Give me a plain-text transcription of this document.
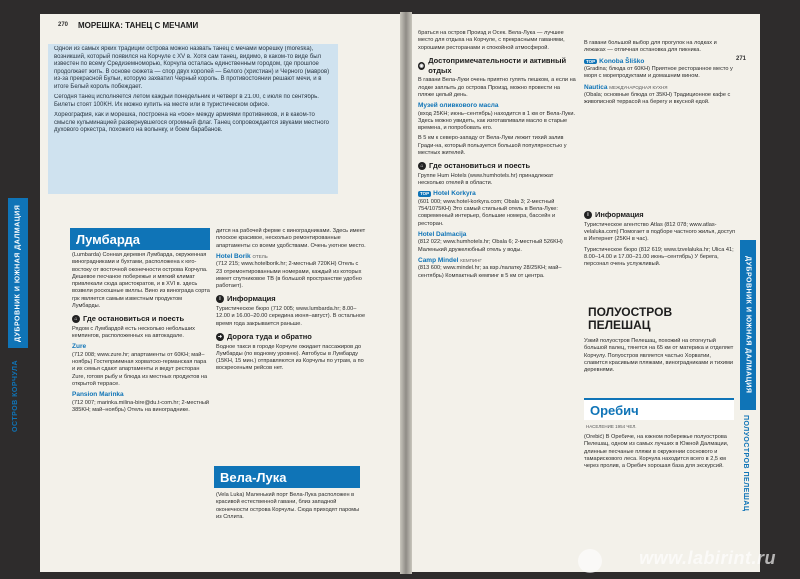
270 МОРЕШКА: ТАНЕЦ С МЕЧАМИ

Одной из самых ярких традиций острова можно назвать танец с мечами морешку (moreška), возникший, который появился на Корчуле с XV в. Хотя сам танец, видимо, в каком-то виде был известен по всему Средиземноморью, Корчула осталась единственным городом, где прошлое продолжает жить. В основе сюжета — спор двух королей — Белого (христиан) и Черного (мавров) из-за прекрасной Бульи, которую захватил Черный король. В противостоянии решают мечи, и в итоге Белый король побеждает.

Сегодня танец исполняется летом каждый понедельник и четверг в 21.00, с июля по сентябрь. Билеты стоят 100KH. Их можно купить на месте или в туристическом офисе.

Хореография, как и морешка, построена на «бое» между армиями противников, и в каком-то смысле кульминацией развернувшегося огромный флаг. Танец сопровождается звуками местного духового оркестра, похожего на волынку, и боем барабанов.

ДУБРОВНИК И ЮЖНАЯ ДАЛМАЦИЯ
ОСТРОВ КОРЧУЛА
Лумбарда

(Lumbarda) Сонная деревня Лумбарда, окруженная виноградниками и бухтами, расположена к юго-востоку от восточной оконечности острова Корчула. Дешевое песчаное побережье и мягкий климат привлекали сюда аристократов, и в XVI в. здесь возвели роскошные виллы. Вино из винограда сорта грк является самым известным продуктом Лумбарды.

⌂ Где остановиться и поесть

Рядом с Лумбардой есть несколько небольших кемпингов, расположенных на автокадале.

Zure

(712 008; www.zure.hr; апартаменты от 60KH; май–ноябрь) Гостеприимная хорватско-германская пара и их семья сдают апартаменты и ведут ресторан Zure, готовя рыбу и блюда из местных продуктов на открытой террасе.

Pansion Marinka

(712 007; marinka.milina-bire@du.t-com.hr; 2-местный 385KH; май–ноябрь) Отель на винограднике.

дится на рабочей ферме с виноградниками. Здесь имеет плоское красивое, несколько ремонтированные апартаменты со всеми удобствами. Очень уютное место.

Hotel Borik ОТЕЛЬ

(712 215; www.hotelborik.hr; 2-местный 720KH) Отель с 23 отремонтированными номерами, каждый из которых имеет спутниковое ТВ (в большой пространстве удобно работает).

i Информация

Туристическое бюро (712 005; www.lumbarda.hr; 8.00–12.00 и 16.00–20.00 середина июня–август). В остальное время года закрывается раньше.

➜ Дорога туда и обратно

Водное такси в городе Корчуле ожидает пассажиров до Лумбарды (по водному уровню). Автобусы в Лумбарду (15KH, 15 мин.) отправляются из Корчулы по утрам, а по воскресеньям рейсов нет.

Вела-Лука
(Vela Luka) Маленький порт Вела-Лука расположен в красивой естественной гавани, близ западной оконечности острова Корчулы. Сюда приходят паромы из Сплита.
271
ДУБРОВНИК И ЮЖНАЯ ДАЛМАЦИЯ
ПОЛУОСТРОВ ПЕЛЕШАЦ

браться на остров Произд и Осек. Вела-Лука — лучшее место для отдыха на Корчуле, с прекрасными гаванями, хорошими ресторанами и спокойной атмосферой.

◉
Достопримечательности и активный отдых

В гавани Вела-Луки очень приятно гулять пешком, а если на лодке заплыть до острова Произд, можно провести на пляже целый день.

Музей оливкового масла

(вход 25KH; июнь–сентябрь) находится в 1 км от Вела-Луки. Здесь можно увидеть, как изготавливали масло в старые времена, и попробовать его.

В 5 км к северо-западу от Вела-Луки лежит тихий залив Гради-на, который пользуется большой популярностью у местных жителей.

⌂ Где остановиться и поесть

Группе Hum Hotels (www.humhotels.hr) принадлежат несколько отелей в области.

TOP Hotel Korkyra

(601 000; www.hotel-korkyra.com; Obala 3; 2-местный 754/1075KH) Это самый стильный отель в Вела-Луке: современный интерьер, большие номера, бассейн и ресторан.

Hotel Dalmacija

(812 022; www.humhotels.hr; Obala 6; 2-местный 526KH) Маленький дружелюбный отель у воды.

Camp Mindel КЕМПИНГ

(813 600; www.mindel.hr; за взр./палатку 28/25KH; май–сентябрь) Компактный кемпинг в 5 км от центра.

В гавани большой выбор для прогулок на лодках и лежаках — отличная остановка для пикника.

TOP Konoba Šliško

(Gradina; блюда от 60KH) Приятное ресторанное место у моря с морепродуктами и домашним вином.

Nautica МЕЖДУНАРОДНАЯ КУХНЯ

(Obala; основные блюда от 35KH) Традиционное кафе с живописной террасой на берегу и вкусной едой.

i Информация

Туристическое агентство Atlas (812 078; www.atlas-velaluka.com) Помогает в подборе частного жилья, доступ в Интернет (25KH в час).

Туристическое бюро (812 619; www.tzvelaluka.hr; Ulica 41; 8.00–14.00 и 17.00–21.00 июнь–сентябрь) У берега, персонал очень услужливый.

ПОЛУОСТРОВ ПЕЛЕШАЦ
Узкий полуостров Пелешац, похожий на отогнутый большой палец, тянется на 65 км от материка и отделяет Корчулу. Полуостров является частью Хорватии, славится красивыми пляжами, виноградниками и тихими деревнями.
Оребич
НАСЕЛЕНИЕ 1954 ЧЕЛ.
(Orebić) В Оребиче, на южном побережье полуострова Пелешац, одном из самых лучших в Южной Далмации, длинные песчаные пляжи в окружении соснового и тамарискового леса. Корчула находится всего в 2,5 км через пролив, а Оребич хорошая база для экскурсий.
www.labirint.ru
